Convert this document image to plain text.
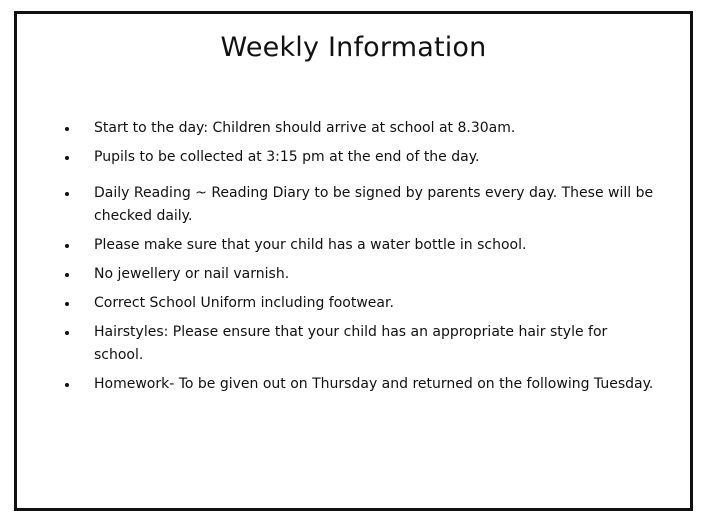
Weekly Information
Start to the day: Children should arrive at school at 8.30am.
Pupils to be collected at 3:15 pm at the end of the day.
Daily Reading ~ Reading Diary to be signed by parents every day. These will be checked daily.
Please make sure that your child has a water bottle in school.
No jewellery or nail varnish.
Correct School Uniform including footwear.
Hairstyles: Please ensure that your child has an appropriate hair style for school.
Homework- To be given out on Thursday and returned on the following Tuesday.
